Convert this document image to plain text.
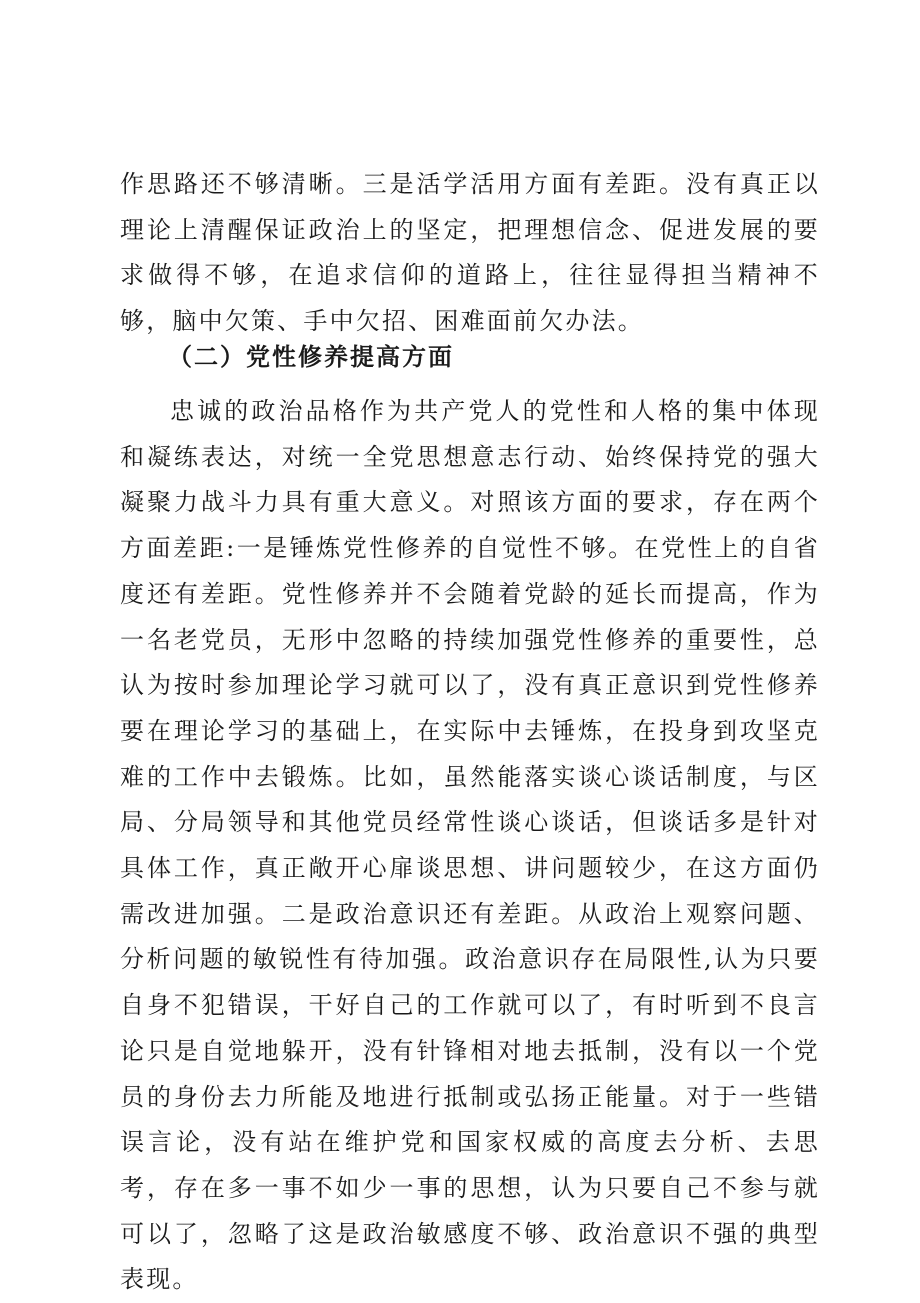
作思路还不够清晰。三是活学活用方面有差距。没有真正以理论上清醒保证政治上的坚定，把理想信念、促进发展的要求做得不够，在追求信仰的道路上，往往显得担当精神不够，脑中欠策、手中欠招、困难面前欠办法。

（二）党性修养提高方面

忠诚的政治品格作为共产党人的党性和人格的集中体现和凝练表达，对统一全党思想意志行动、始终保持党的强大凝聚力战斗力具有重大意义。对照该方面的要求，存在两个方面差距:一是锤炼党性修养的自觉性不够。在党性上的自省度还有差距。党性修养并不会随着党龄的延长而提高，作为一名老党员，无形中忽略的持续加强党性修养的重要性，总认为按时参加理论学习就可以了，没有真正意识到党性修养要在理论学习的基础上，在实际中去锤炼，在投身到攻坚克难的工作中去锻炼。比如，虽然能落实谈心谈话制度，与区局、分局领导和其他党员经常性谈心谈话，但谈话多是针对具体工作，真正敞开心扉谈思想、讲问题较少，在这方面仍需改进加强。二是政治意识还有差距。从政治上观察问题、分析问题的敏锐性有待加强。政治意识存在局限性,认为只要自身不犯错误，干好自己的工作就可以了，有时听到不良言论只是自觉地躲开，没有针锋相对地去抵制，没有以一个党员的身份去力所能及地进行抵制或弘扬正能量。对于一些错误言论，没有站在维护党和国家权威的高度去分析、去思考，存在多一事不如少一事的思想，认为只要自己不参与就可以了，忽略了这是政治敏感度不够、政治意识不强的典型表现。
